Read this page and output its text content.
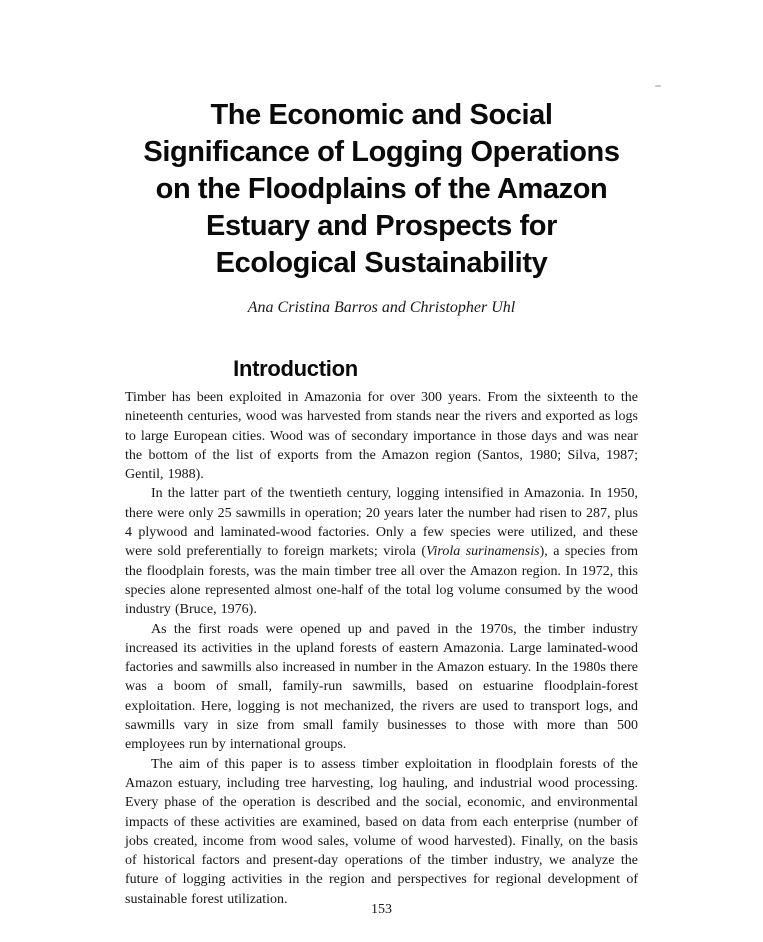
The Economic and Social
Significance of Logging Operations
on the Floodplains of the Amazon
Estuary and Prospects for
Ecological Sustainability
Ana Cristina Barros and Christopher Uhl
Introduction

Timber has been exploited in Amazonia for over 300 years. From the sixteenth to the nineteenth centuries, wood was harvested from stands near the rivers and exported as logs to large European cities. Wood was of secondary importance in those days and was near the bottom of the list of exports from the Amazon region (Santos, 1980; Silva, 1987; Gentil, 1988).

In the latter part of the twentieth century, logging intensified in Amazonia. In 1950, there were only 25 sawmills in operation; 20 years later the number had risen to 287, plus 4 plywood and laminated-wood factories. Only a few species were utilized, and these were sold preferentially to foreign markets; virola (Virola surinamensis), a species from the floodplain forests, was the main timber tree all over the Amazon region. In 1972, this species alone represented almost one-half of the total log volume consumed by the wood industry (Bruce, 1976).

As the first roads were opened up and paved in the 1970s, the timber industry increased its activities in the upland forests of eastern Amazonia. Large laminated-wood factories and sawmills also increased in number in the Amazon estuary. In the 1980s there was a boom of small, family-run sawmills, based on estuarine floodplain-forest exploitation. Here, logging is not mechanized, the rivers are used to transport logs, and sawmills vary in size from small family businesses to those with more than 500 employees run by international groups.

The aim of this paper is to assess timber exploitation in floodplain forests of the Amazon estuary, including tree harvesting, log hauling, and industrial wood processing. Every phase of the operation is described and the social, economic, and environmental impacts of these activities are examined, based on data from each enterprise (number of jobs created, income from wood sales, volume of wood harvested). Finally, on the basis of historical factors and present-day operations of the timber industry, we analyze the future of logging activities in the region and perspectives for regional development of sustainable forest utilization.

153
